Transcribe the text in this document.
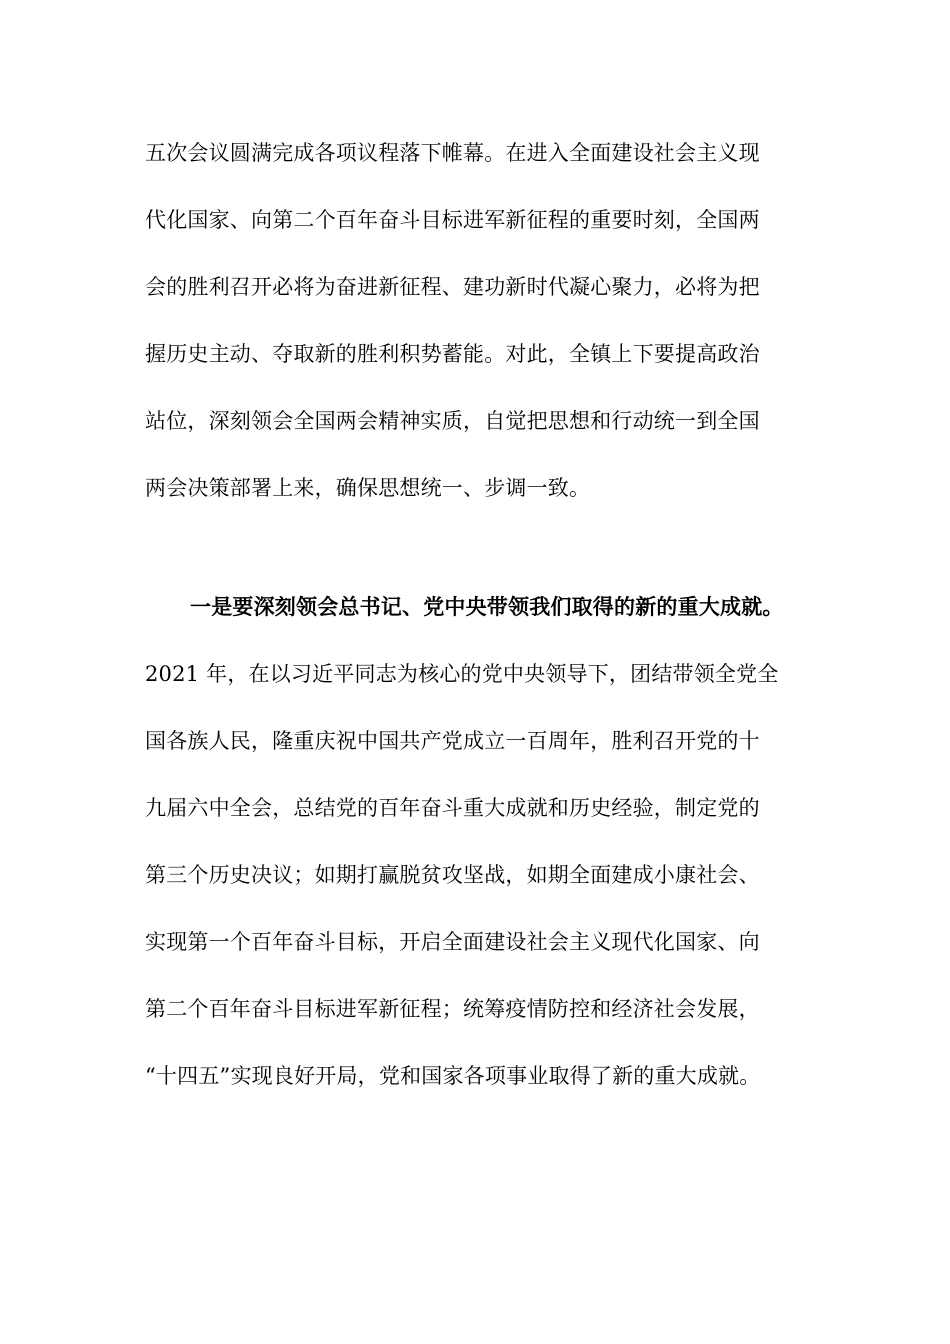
五次会议圆满完成各项议程落下帷幕。在进入全面建设社会主义现
代化国家、向第二个百年奋斗目标进军新征程的重要时刻，全国两
会的胜利召开必将为奋进新征程、建功新时代凝心聚力，必将为把
握历史主动、夺取新的胜利积势蓄能。对此，全镇上下要提高政治
站位，深刻领会全国两会精神实质，自觉把思想和行动统一到全国
两会决策部署上来，确保思想统一、步调一致。
一是要深刻领会总书记、党中央带领我们取得的新的重大成就。
2021 年，在以习近平同志为核心的党中央领导下，团结带领全党全
国各族人民，隆重庆祝中国共产党成立一百周年，胜利召开党的十
九届六中全会，总结党的百年奋斗重大成就和历史经验，制定党的
第三个历史决议；如期打赢脱贫攻坚战，如期全面建成小康社会、
实现第一个百年奋斗目标，开启全面建设社会主义现代化国家、向
第二个百年奋斗目标进军新征程；统筹疫情防控和经济社会发展，
“十四五”实现良好开局，党和国家各项事业取得了新的重大成就。
